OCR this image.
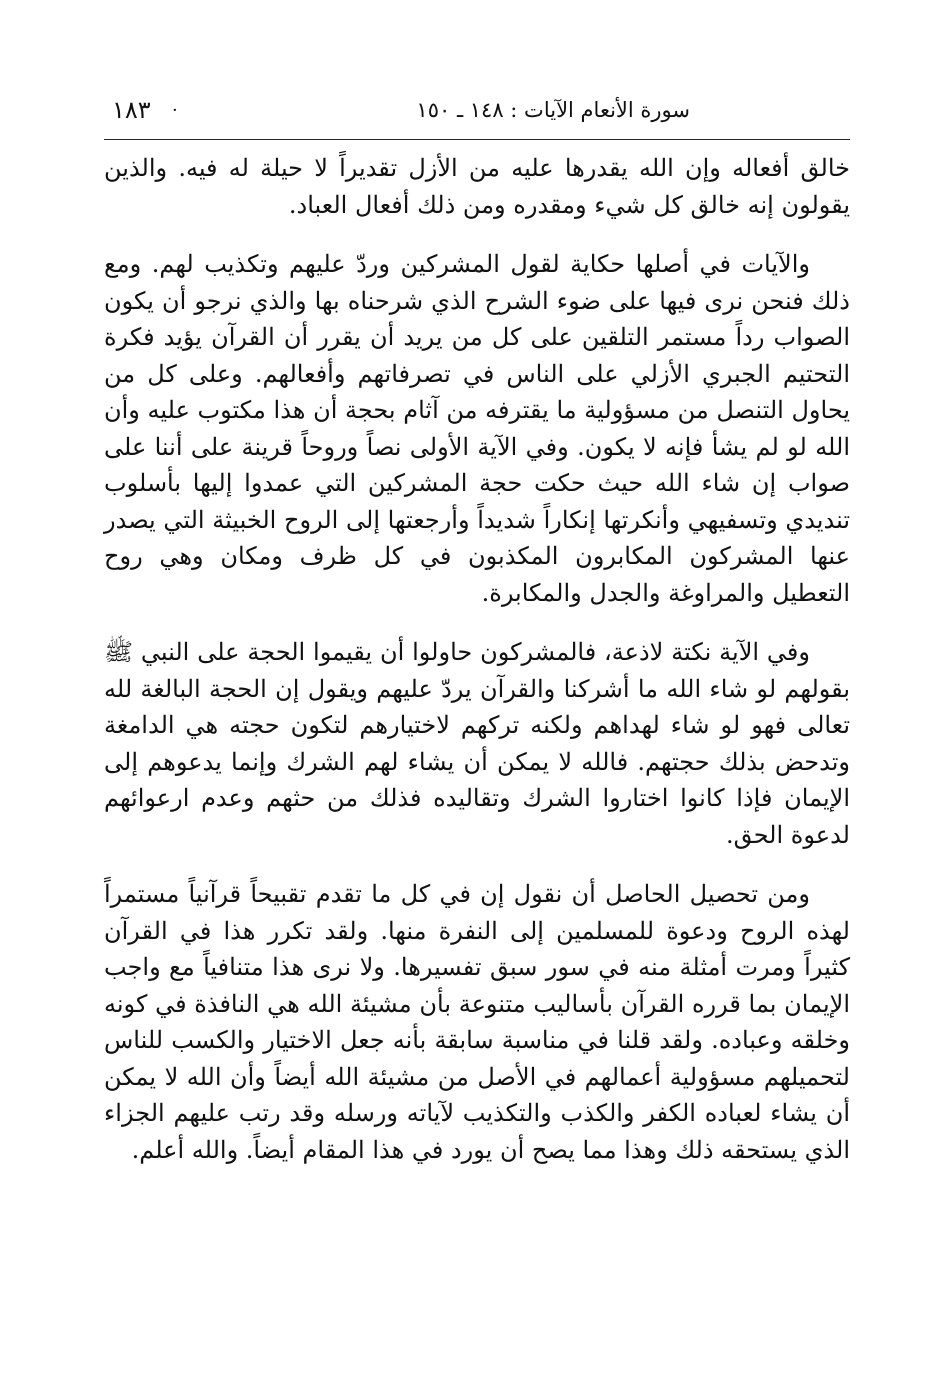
سورة الأنعام الآيات : ١٤٨ ـ ١٥٠
·
١٨٣

خالق أفعاله وإن الله يقدرها عليه من الأزل تقديراً لا حيلة له فيه. والذين يقولون إنه خالق كل شيء ومقدره ومن ذلك أفعال العباد.

والآيات في أصلها حكاية لقول المشركين وردّ عليهم وتكذيب لهم. ومع ذلك فنحن نرى فيها على ضوء الشرح الذي شرحناه بها والذي نرجو أن يكون الصواب رداً مستمر التلقين على كل من يريد أن يقرر أن القرآن يؤيد فكرة التحتيم الجبري الأزلي على الناس في تصرفاتهم وأفعالهم. وعلى كل من يحاول التنصل من مسؤولية ما يقترفه من آثام بحجة أن هذا مكتوب عليه وأن الله لو لم يشأ فإنه لا يكون. وفي الآية الأولى نصاً وروحاً قرينة على أننا على صواب إن شاء الله حيث حكت حجة المشركين التي عمدوا إليها بأسلوب تنديدي وتسفيهي وأنكرتها إنكاراً شديداً وأرجعتها إلى الروح الخبيثة التي يصدر عنها المشركون المكابرون المكذبون في كل ظرف ومكان وهي روح التعطيل والمراوغة والجدل والمكابرة.

وفي الآية نكتة لاذعة، فالمشركون حاولوا أن يقيموا الحجة على النبي ﷺ بقولهم لو شاء الله ما أشركنا والقرآن يردّ عليهم ويقول إن الحجة البالغة لله تعالى فهو لو شاء لهداهم ولكنه تركهم لاختيارهم لتكون حجته هي الدامغة وتدحض بذلك حجتهم. فالله لا يمكن أن يشاء لهم الشرك وإنما يدعوهم إلى الإيمان فإذا كانوا اختاروا الشرك وتقاليده فذلك من حثهم وعدم ارعوائهم لدعوة الحق.

ومن تحصيل الحاصل أن نقول إن في كل ما تقدم تقبيحاً قرآنياً مستمراً لهذه الروح ودعوة للمسلمين إلى النفرة منها. ولقد تكرر هذا في القرآن كثيراً ومرت أمثلة منه في سور سبق تفسيرها. ولا نرى هذا متنافياً مع واجب الإيمان بما قرره القرآن بأساليب متنوعة بأن مشيئة الله هي النافذة في كونه وخلقه وعباده. ولقد قلنا في مناسبة سابقة بأنه جعل الاختيار والكسب للناس لتحميلهم مسؤولية أعمالهم في الأصل من مشيئة الله أيضاً وأن الله لا يمكن أن يشاء لعباده الكفر والكذب والتكذيب لآياته ورسله وقد رتب عليهم الجزاء الذي يستحقه ذلك وهذا مما يصح أن يورد في هذا المقام أيضاً. والله أعلم.
